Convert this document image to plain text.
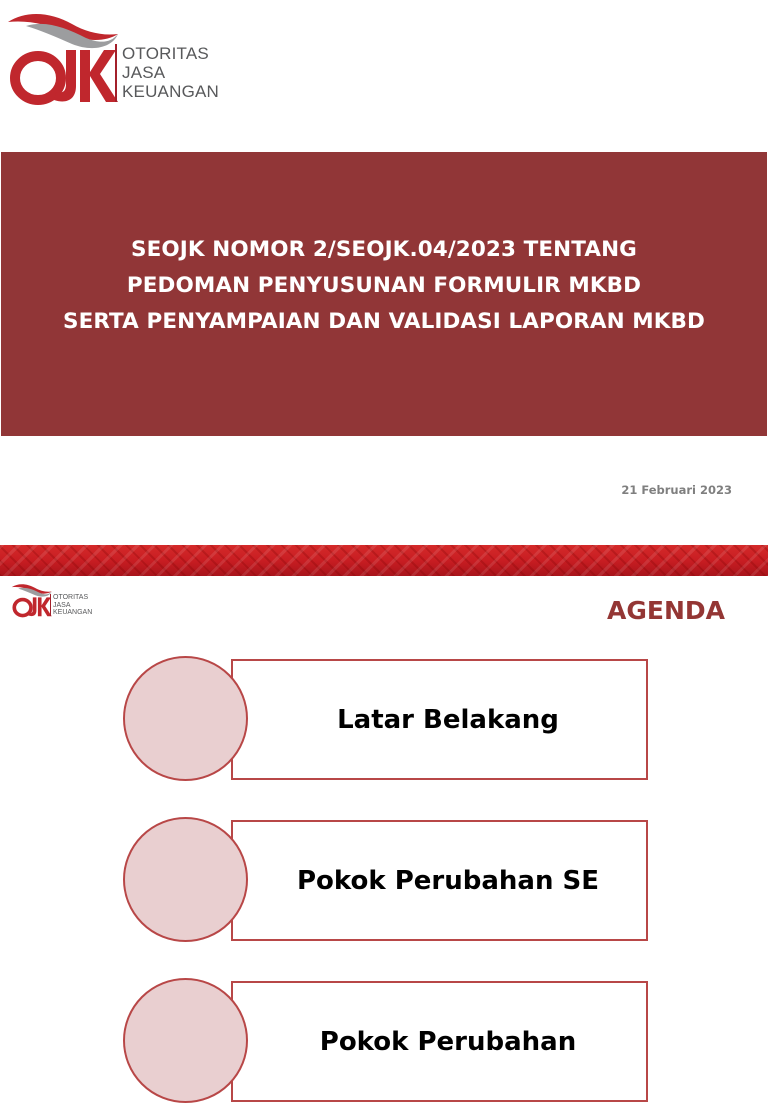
OTORITAS
JASA
KEUANGAN
SEOJK NOMOR 2/SEOJK.04/2023 TENTANG
PEDOMAN PENYUSUNAN FORMULIR MKBD
SERTA PENYAMPAIAN DAN VALIDASI LAPORAN MKBD
21 Februari 2023
OTORITAS
JASA
KEUANGAN	AGENDA
Latar Belakang
Pokok Perubahan SE
Pokok Perubahan
